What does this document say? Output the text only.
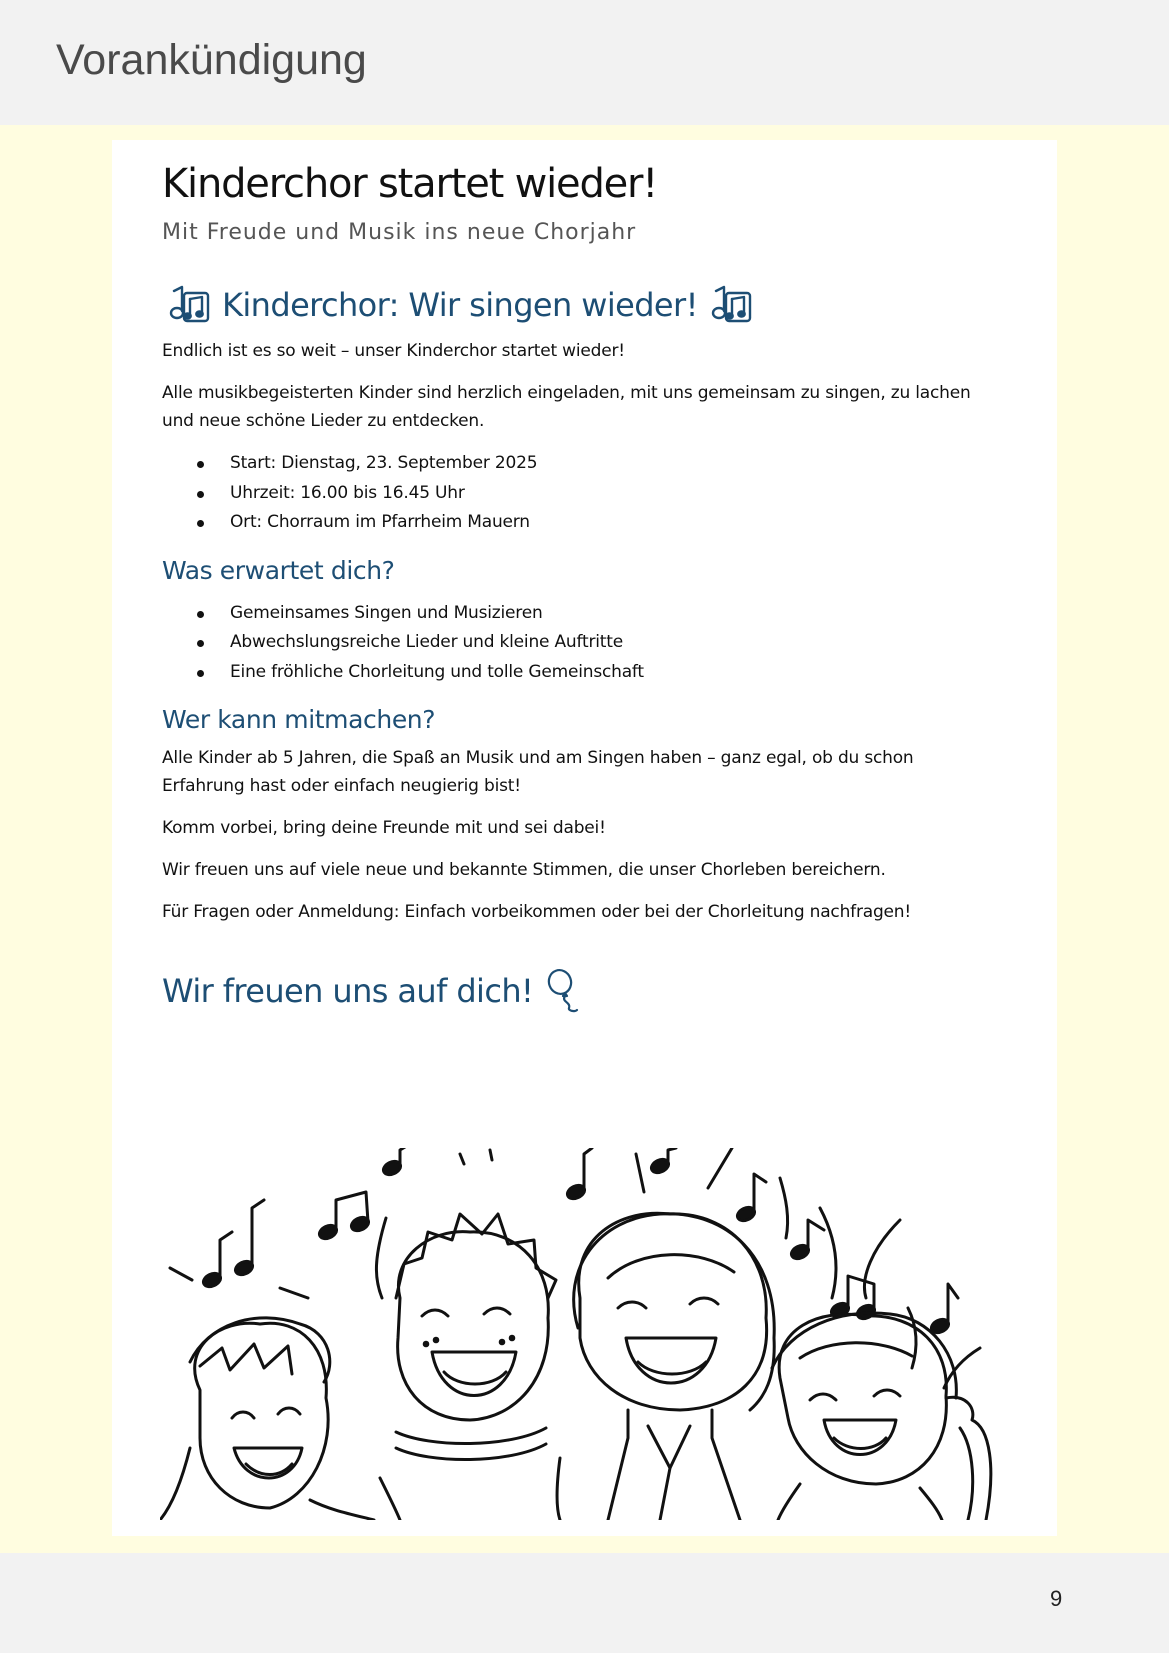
Vorankündigung
Kinderchor startet wieder!
Mit Freude und Musik ins neue Chorjahr
Kinderchor: Wir singen wieder!

Endlich ist es so weit – unser Kinderchor startet wieder!

Alle musikbegeisterten Kinder sind herzlich eingeladen, mit uns gemeinsam zu singen, zu lachen und neue schöne Lieder zu entdecken.

Start: Dienstag, 23. September 2025
Uhrzeit: 16.00 bis 16.45 Uhr
Ort: Chorraum im Pfarrheim Mauern
Was erwartet dich?
Gemeinsames Singen und Musizieren
Abwechslungsreiche Lieder und kleine Auftritte
Eine fröhliche Chorleitung und tolle Gemeinschaft
Wer kann mitmachen?

Alle Kinder ab 5 Jahren, die Spaß an Musik und am Singen haben – ganz egal, ob du schon Erfahrung hast oder einfach neugierig bist!

Komm vorbei, bring deine Freunde mit und sei dabei!

Wir freuen uns auf viele neue und bekannte Stimmen, die unser Chorleben bereichern.

Für Fragen oder Anmeldung: Einfach vorbeikommen oder bei der Chorleitung nachfragen!

Wir freuen uns auf dich!
9
